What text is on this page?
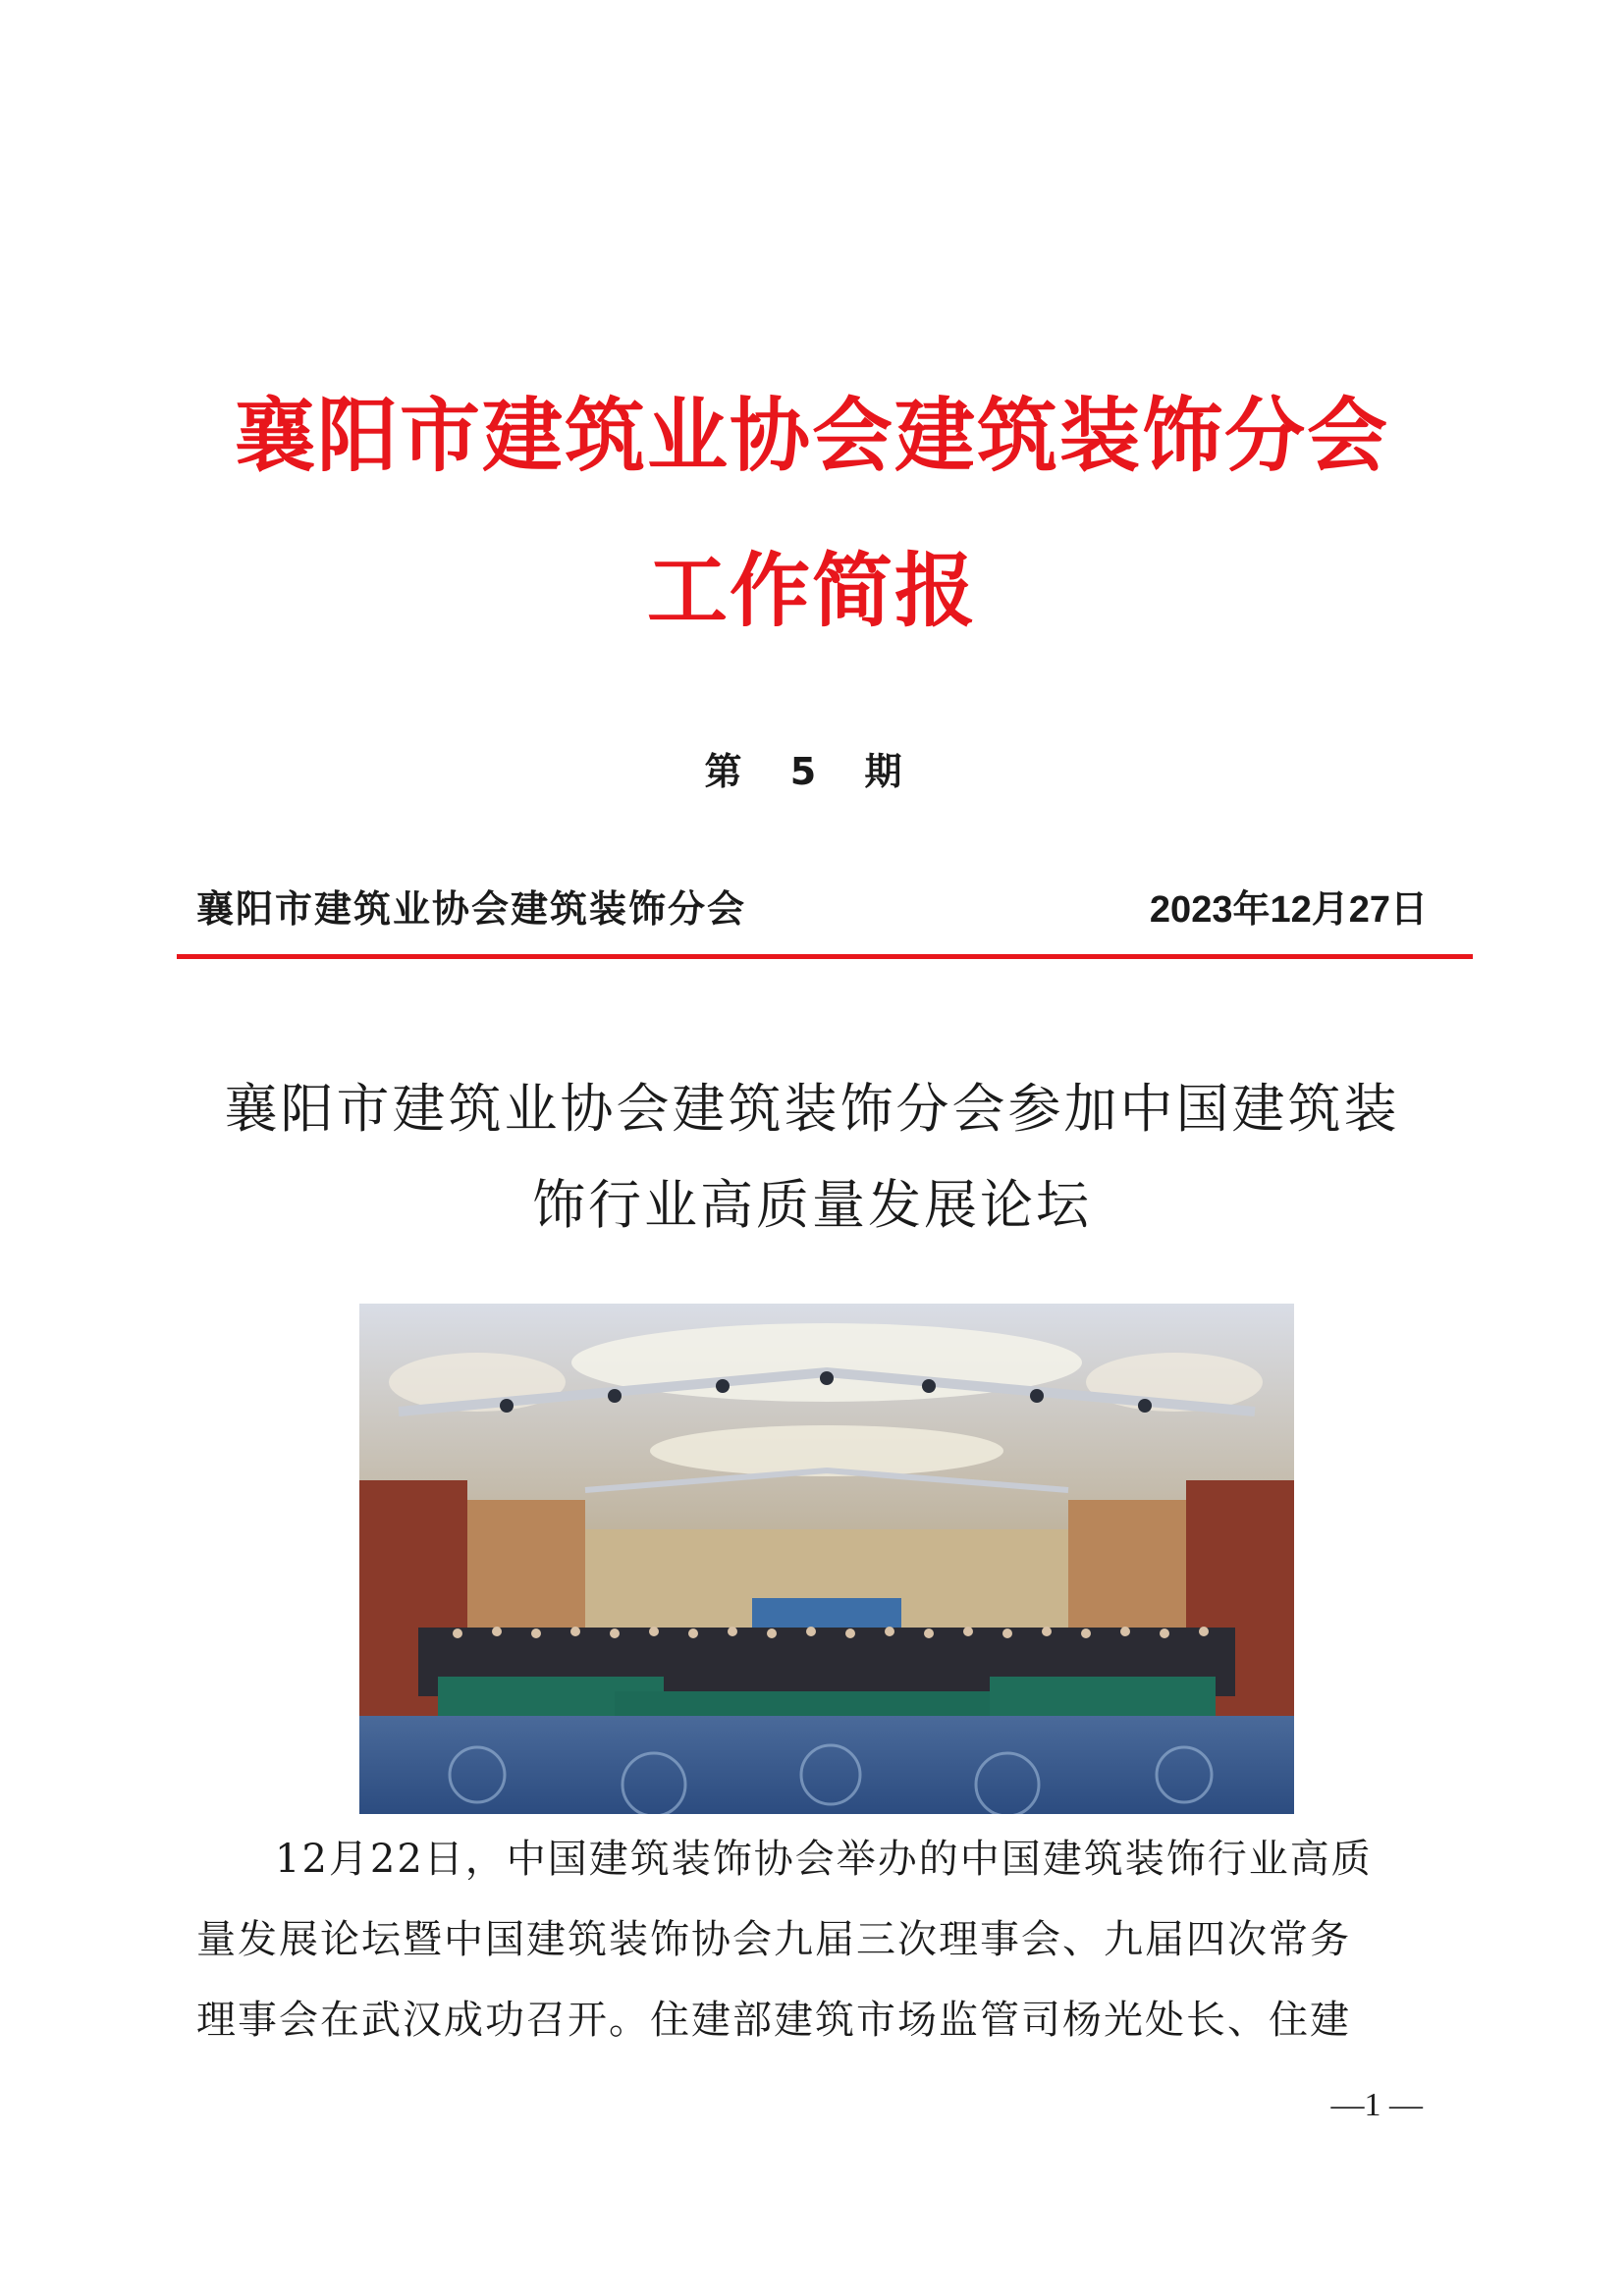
襄阳市建筑业协会建筑装饰分会
工作简报
第 5 期
襄阳市建筑业协会建筑装饰分会	2023年12月27日
襄阳市建筑业协会建筑装饰分会参加中国建筑装
饰行业高质量发展论坛
12月22日，中国建筑装饰协会举办的中国建筑装饰行业高质
量发展论坛暨中国建筑装饰协会九届三次理事会、九届四次常务
理事会在武汉成功召开。住建部建筑市场监管司杨光处长、住建
—1 —
